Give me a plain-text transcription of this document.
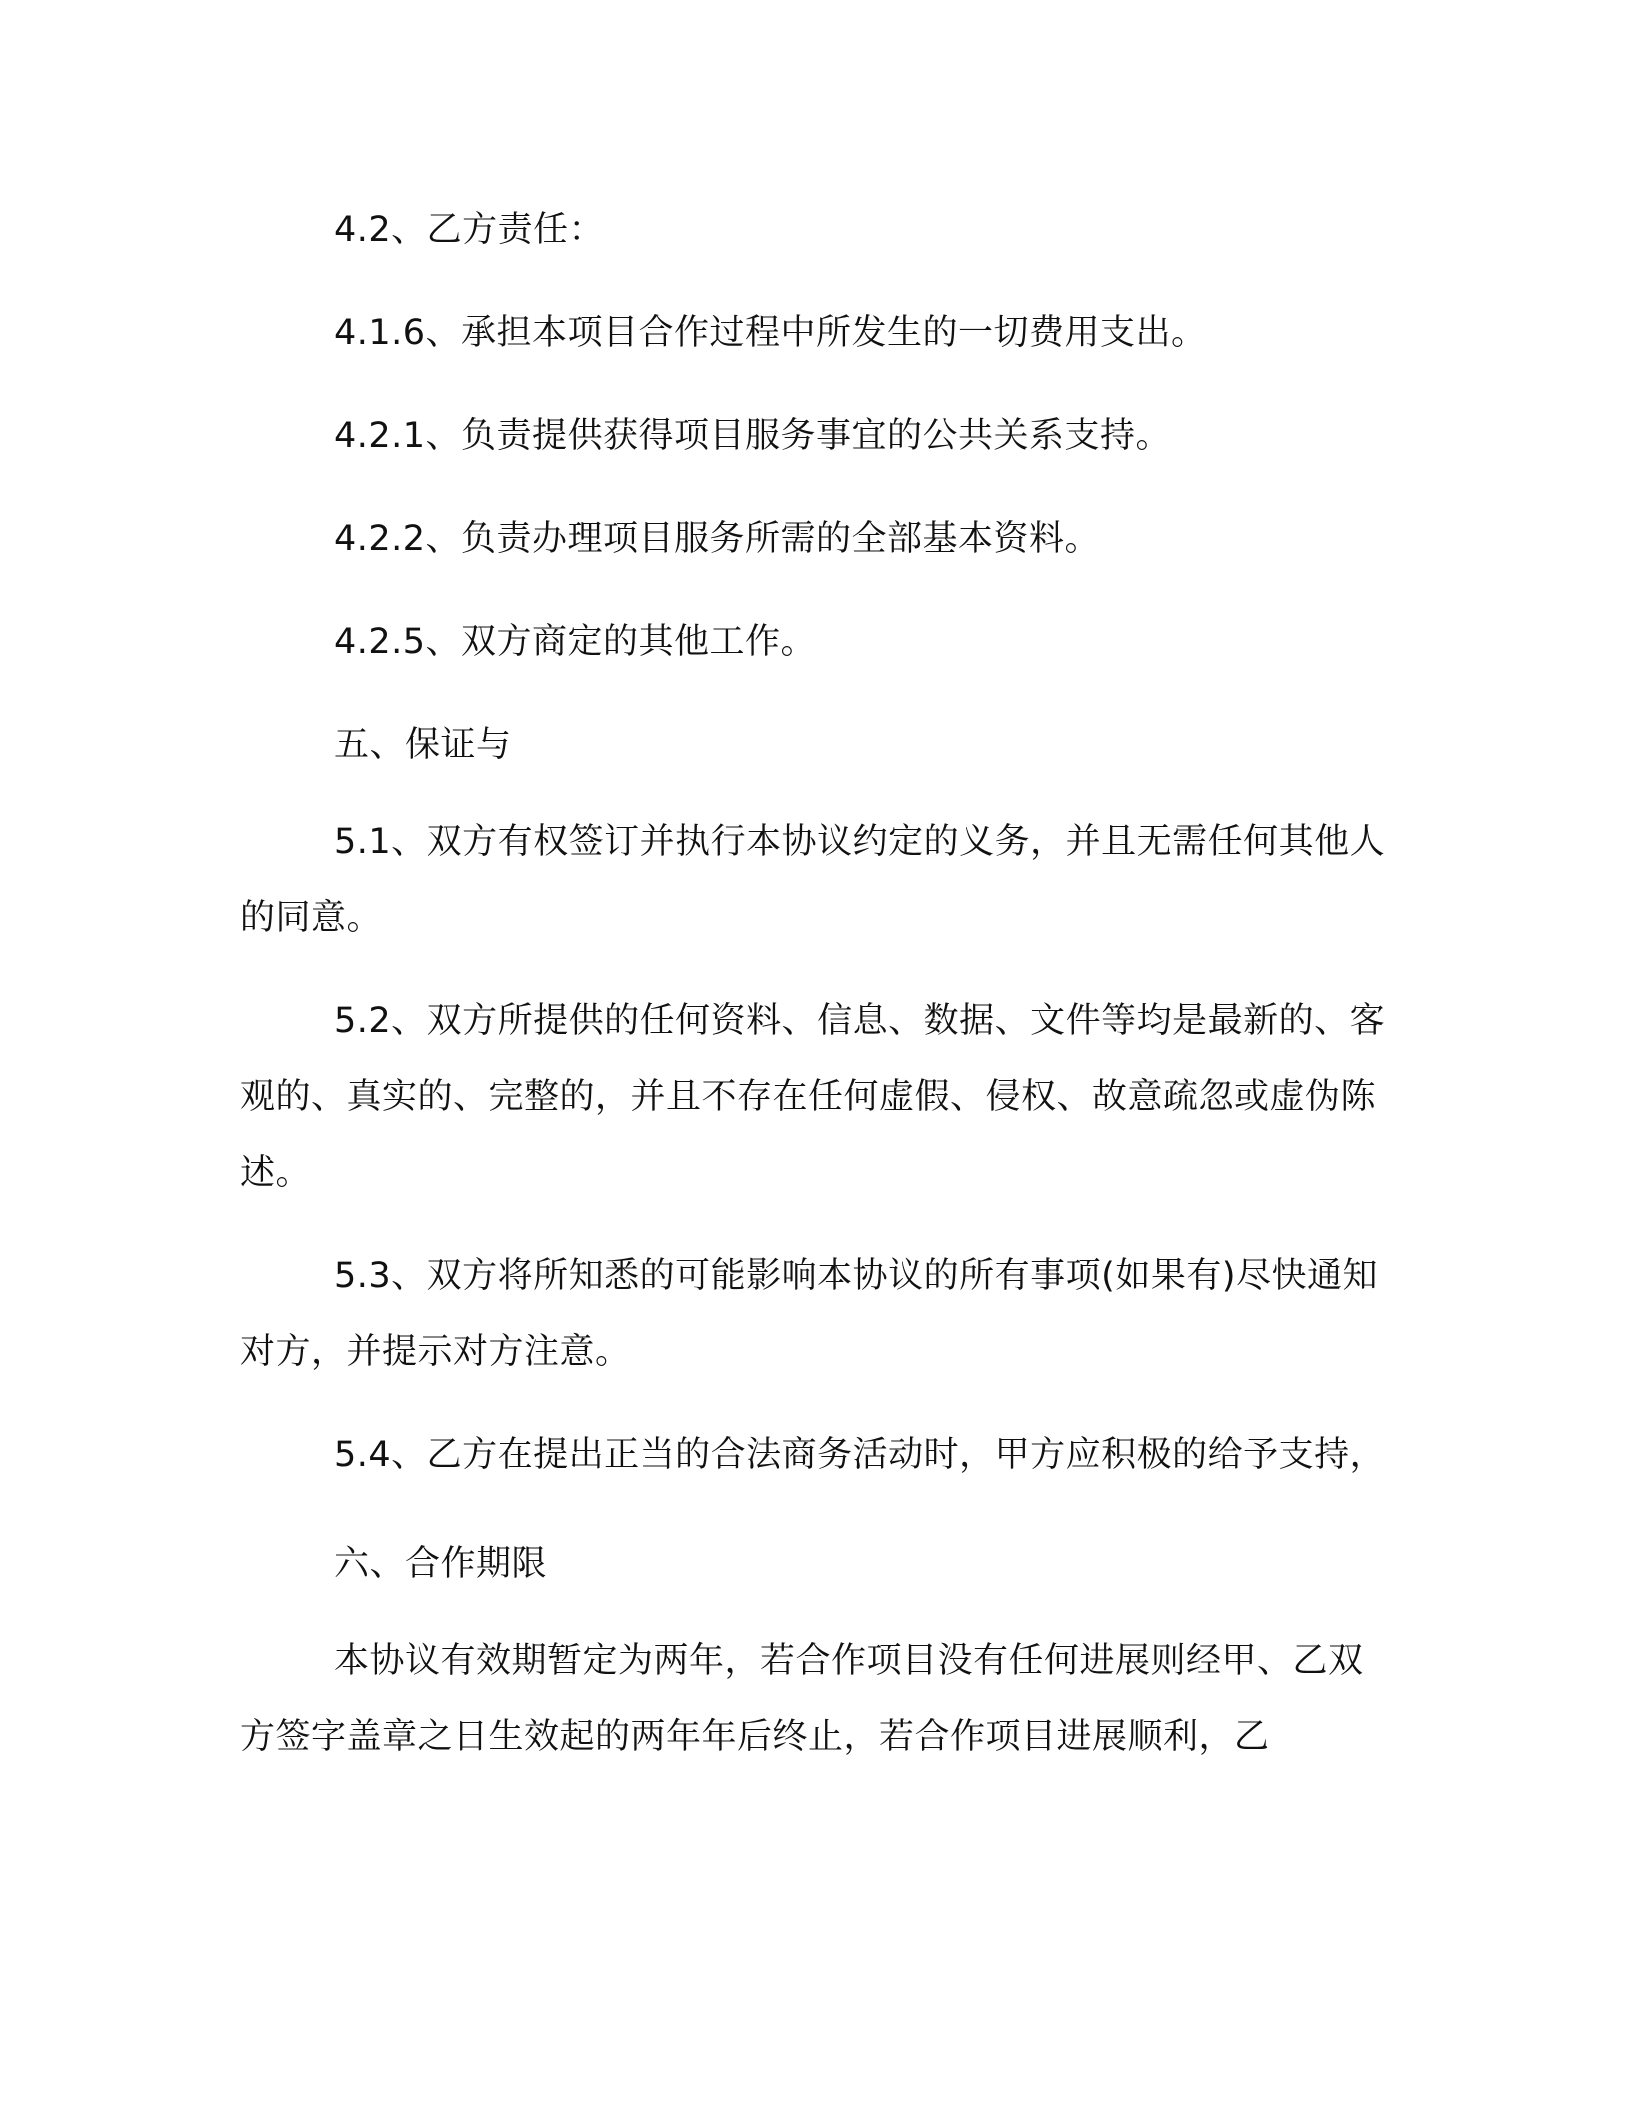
4.2、乙方责任：

4.1.6、承担本项目合作过程中所发生的一切费用支出。

4.2.1、负责提供获得项目服务事宜的公共关系支持。

4.2.2、负责办理项目服务所需的全部基本资料。

4.2.5、双方商定的其他工作。

五、保证与

5.1、双方有权签订并执行本协议约定的义务，并且无需任何其他人的同意。

5.2、双方所提供的任何资料、信息、数据、文件等均是最新的、客观的、真实的、完整的，并且不存在任何虚假、侵权、故意疏忽或虚伪陈述。

5.3、双方将所知悉的可能影响本协议的所有事项(如果有)尽快通知对方，并提示对方注意。

5.4、乙方在提出正当的合法商务活动时，甲方应积极的给予支持，

六、合作期限

本协议有效期暂定为两年，若合作项目没有任何进展则经甲、乙双方签字盖章之日生效起的两年年后终止，若合作项目进展顺利，乙
